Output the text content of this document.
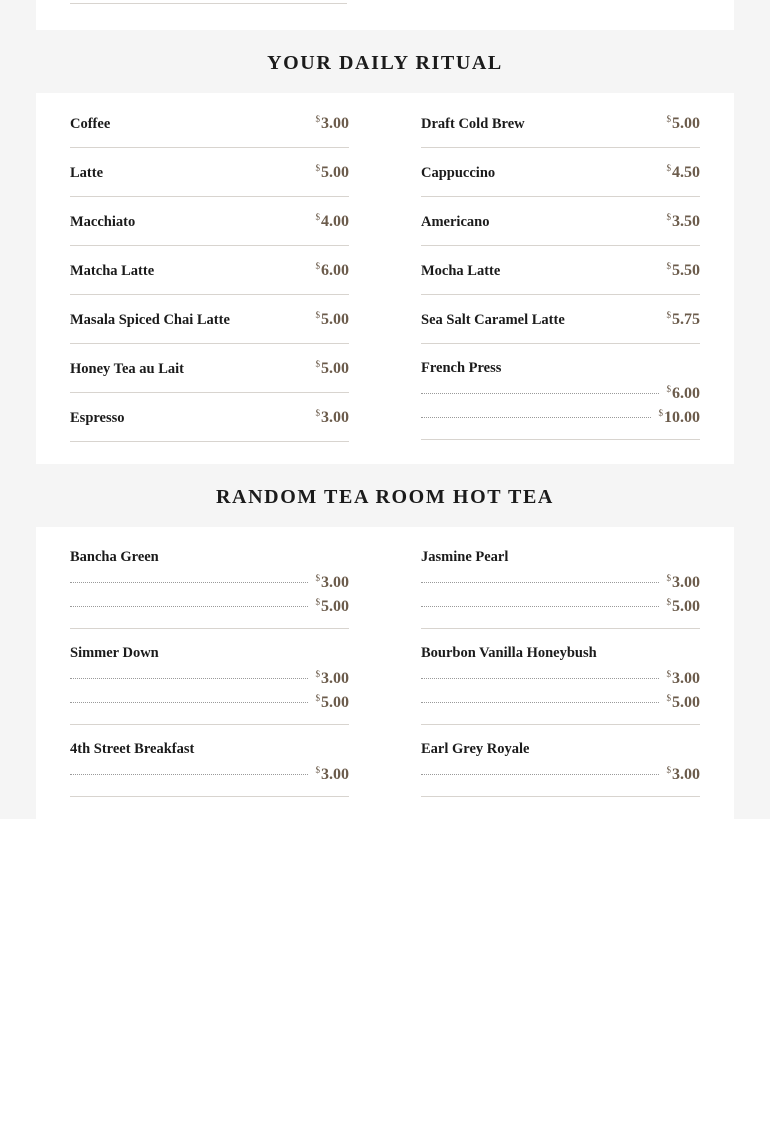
YOUR DAILY RITUAL
Coffee	$ 3.00
Latte	$ 5.00
Macchiato	$ 4.00
Matcha Latte	$ 6.00
Masala Spiced Chai Latte	$ 5.00
Honey Tea au Lait	$ 5.00
Espresso	$ 3.00
Draft Cold Brew	$ 5.00
Cappuccino	$ 4.50
Americano	$ 3.50
Mocha Latte	$ 5.50
Sea Salt Caramel Latte	$ 5.75
French Press
$ 6.00
$ 10.00
RANDOM TEA ROOM HOT TEA
Bancha Green
$ 3.00
$ 5.00
Simmer Down
$ 3.00
$ 5.00
4th Street Breakfast
$ 3.00
Jasmine Pearl
$ 3.00
$ 5.00
Bourbon Vanilla Honeybush
$ 3.00
$ 5.00
Earl Grey Royale
$ 3.00
